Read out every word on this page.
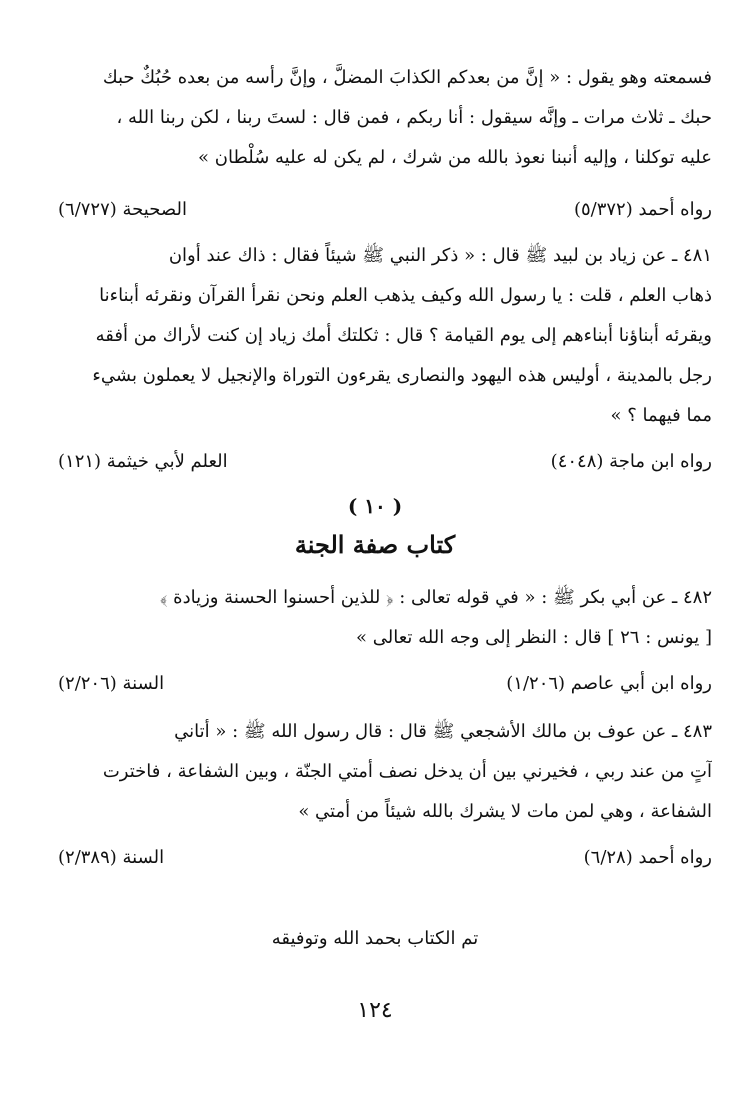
فسمعته وهو يقول : « إنَّ من بعدكم الكذابَ المضلَّ ، وإنَّ رأسه من بعده حُبُكٌ حبك
حبك ـ ثلاث مرات ـ وإنَّه سيقول : أنا ربكم ، فمن قال : لستَ ربنا ، لكن ربنا الله ،
عليه توكلنا ، وإليه أنبنا نعوذ بالله من شرك ، لم يكن له عليه سُلْطان »
رواه أحمد (٥/٣٧٢)
الصحيحة (٦/٧٢٧)
٤٨١ ـ عن زياد بن لبيد ﷺ قال : « ذكر النبي ﷺ شيئاً فقال : ذاك عند أوان
ذهاب العلم ، قلت : يا رسول الله وكيف يذهب العلم ونحن نقرأ القرآن ونقرئه أبناءنا
ويقرئه أبناؤنا أبناءهم إلى يوم القيامة ؟ قال : ثكلتك أمك زياد إن كنت لأراك من أفقه
رجل بالمدينة ، أوليس هذه اليهود والنصارى يقرءون التوراة والإنجيل لا يعملون بشيء
مما فيهما ؟ »
رواه ابن ماجة (٤٠٤٨)
العلم لأبي خيثمة (١٢١)
( ١٠ )
كتاب صفة الجنة
٤٨٢ ـ عن أبي بكر ﷺ : « في قوله تعالى : ﴿ للذين أحسنوا الحسنة وزيادة ﴾
[ يونس : ٢٦ ] قال : النظر إلى وجه الله تعالى »
رواه ابن أبي عاصم (١/٢٠٦)
السنة (٢/٢٠٦)
٤٨٣ ـ عن عوف بن مالك الأشجعي ﷺ قال : قال رسول الله ﷺ : « أتاني
آتٍ من عند ربي ، فخيرني بين أن يدخل نصف أمتي الجنّة ، وبين الشفاعة ، فاخترت
الشفاعة ، وهي لمن مات لا يشرك بالله شيئاً من أمتي »
رواه أحمد (٦/٢٨)
السنة (٢/٣٨٩)
تم الكتاب بحمد الله وتوفيقه
١٢٤
